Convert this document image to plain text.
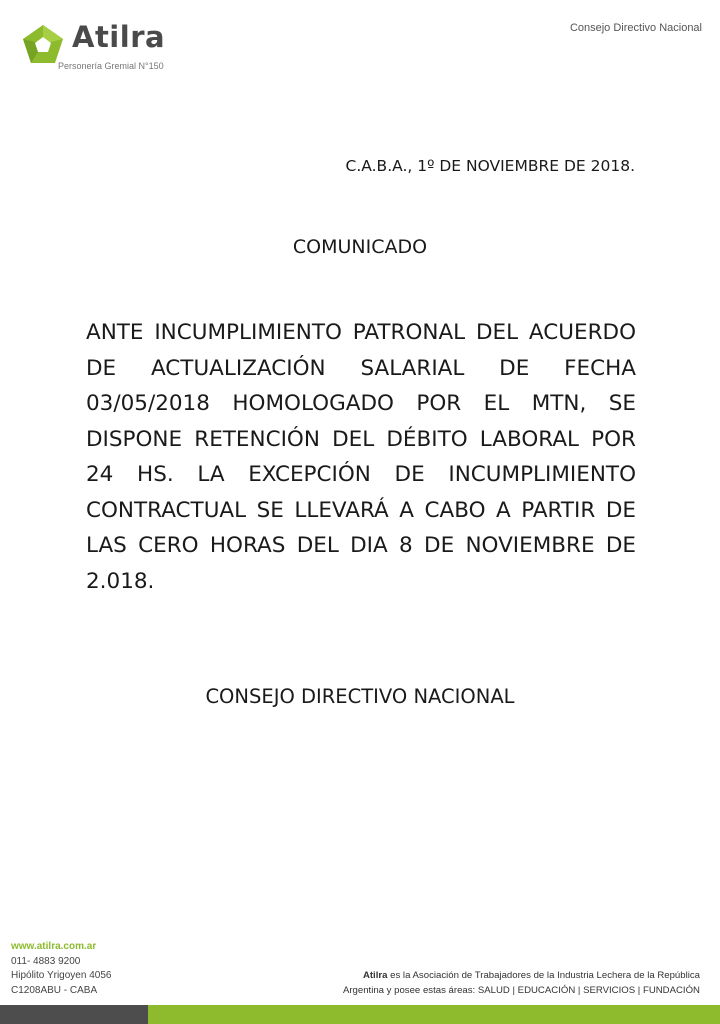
Atilra
Personería Gremial N°150
Consejo Directivo Nacional
C.A.B.A., 1º DE NOVIEMBRE DE 2018.
COMUNICADO

ANTE INCUMPLIMIENTO PATRONAL DEL ACUERDO DE ACTUALIZACIÓN SALARIAL DE FECHA 03/05/2018 HOMOLOGADO POR EL MTN, SE DISPONE RETENCIÓN DEL DÉBITO LABORAL POR 24 HS. LA EXCEPCIÓN DE INCUMPLIMIENTO CONTRACTUAL SE LLEVARÁ A CABO A PARTIR DE LAS CERO HORAS DEL DIA 8 DE NOVIEMBRE DE 2.018.

CONSEJO DIRECTIVO NACIONAL
www.atilra.com.ar
011- 4883 9200
Hipólito Yrigoyen 4056
C1208ABU - CABA
Atilra es la Asociación de Trabajadores de la Industria Lechera de la República
Argentina y posee estas áreas: SALUD | EDUCACIÓN | SERVICIOS | FUNDACIÓN
